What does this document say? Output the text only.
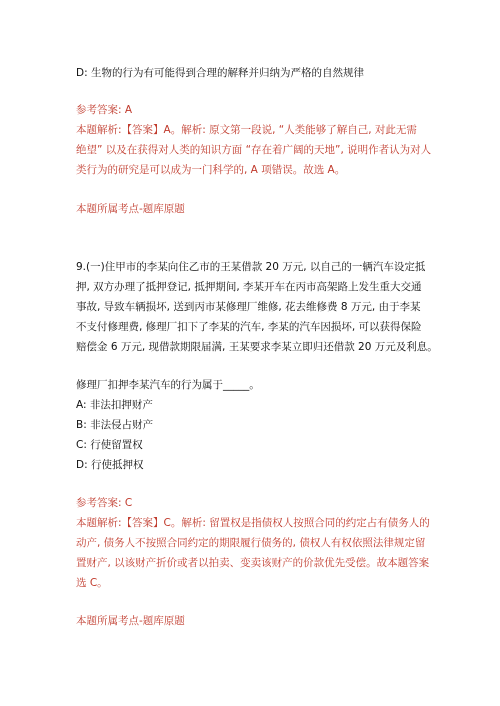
D: 生物的行为有可能得到合理的解释并归纳为严格的自然规律
参考答案: A
本题解析:【答案】A。解析: 原文第一段说, “人类能够了解自己, 对此无需
绝望” 以及在获得对人类的知识方面 “存在着广阔的天地”, 说明作者认为对人
类行为的研究是可以成为一门科学的, A 项错误。故选 A。
本题所属考点-题库原题
9.(一)住甲市的李某向住乙市的王某借款 20 万元, 以自己的一辆汽车设定抵
押, 双方办理了抵押登记, 抵押期间, 李某开车在丙市高架路上发生重大交通
事故, 导致车辆损坏, 送到丙市某修理厂维修, 花去维修费 8 万元, 由于李某
不支付修理费, 修理厂扣下了李某的汽车, 李某的汽车因损坏, 可以获得保险
赔偿金 6 万元, 现借款期限届满, 王某要求李某立即归还借款 20 万元及利息。
修理厂扣押李某汽车的行为属于_____。
A: 非法扣押财产
B: 非法侵占财产
C: 行使留置权
D: 行使抵押权
参考答案: C
本题解析:【答案】C。解析: 留置权是指债权人按照合同的约定占有债务人的
动产, 债务人不按照合同约定的期限履行债务的, 债权人有权依照法律规定留
置财产, 以该财产折价或者以拍卖、变卖该财产的价款优先受偿。故本题答案
选 C。
本题所属考点-题库原题
